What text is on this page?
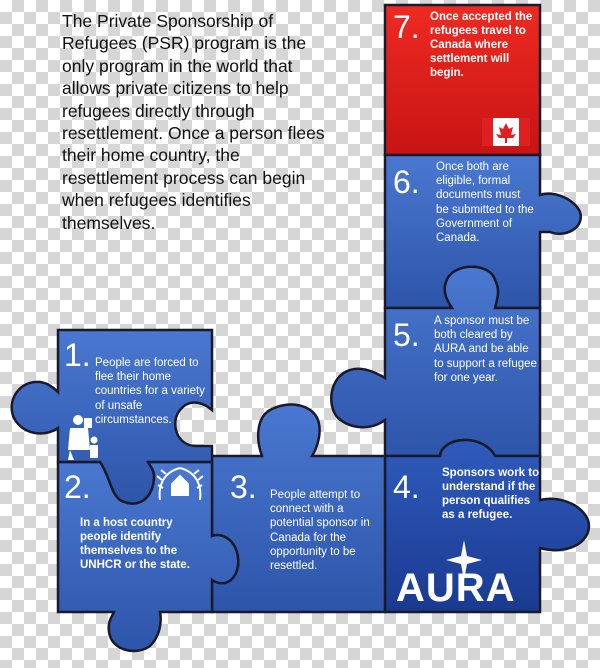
The Private Sponsorship of Refugees (PSR) program is the only program in the world that allows private citizens to help refugees directly through resettlement. Once a person flees their home country, the resettlement process can begin when refugees identifies themselves.
7. Once accepted the refugees travel to Canada where settlement will begin.
6. Once both are eligible, formal documents must be submitted to the Government of Canada.
5. A sponsor must be both cleared by AURA and be able to support a refugee for one year.
4. Sponsors work to understand if the person qualifies as a refugee.
AURA
3. People attempt to connect with a potential sponsor in Canada for the opportunity to be resettled.
2.
In a host country people identify themselves to the UNHCR or the state.
1. People are forced to flee their home countries for a variety of unsafe circumstances.
